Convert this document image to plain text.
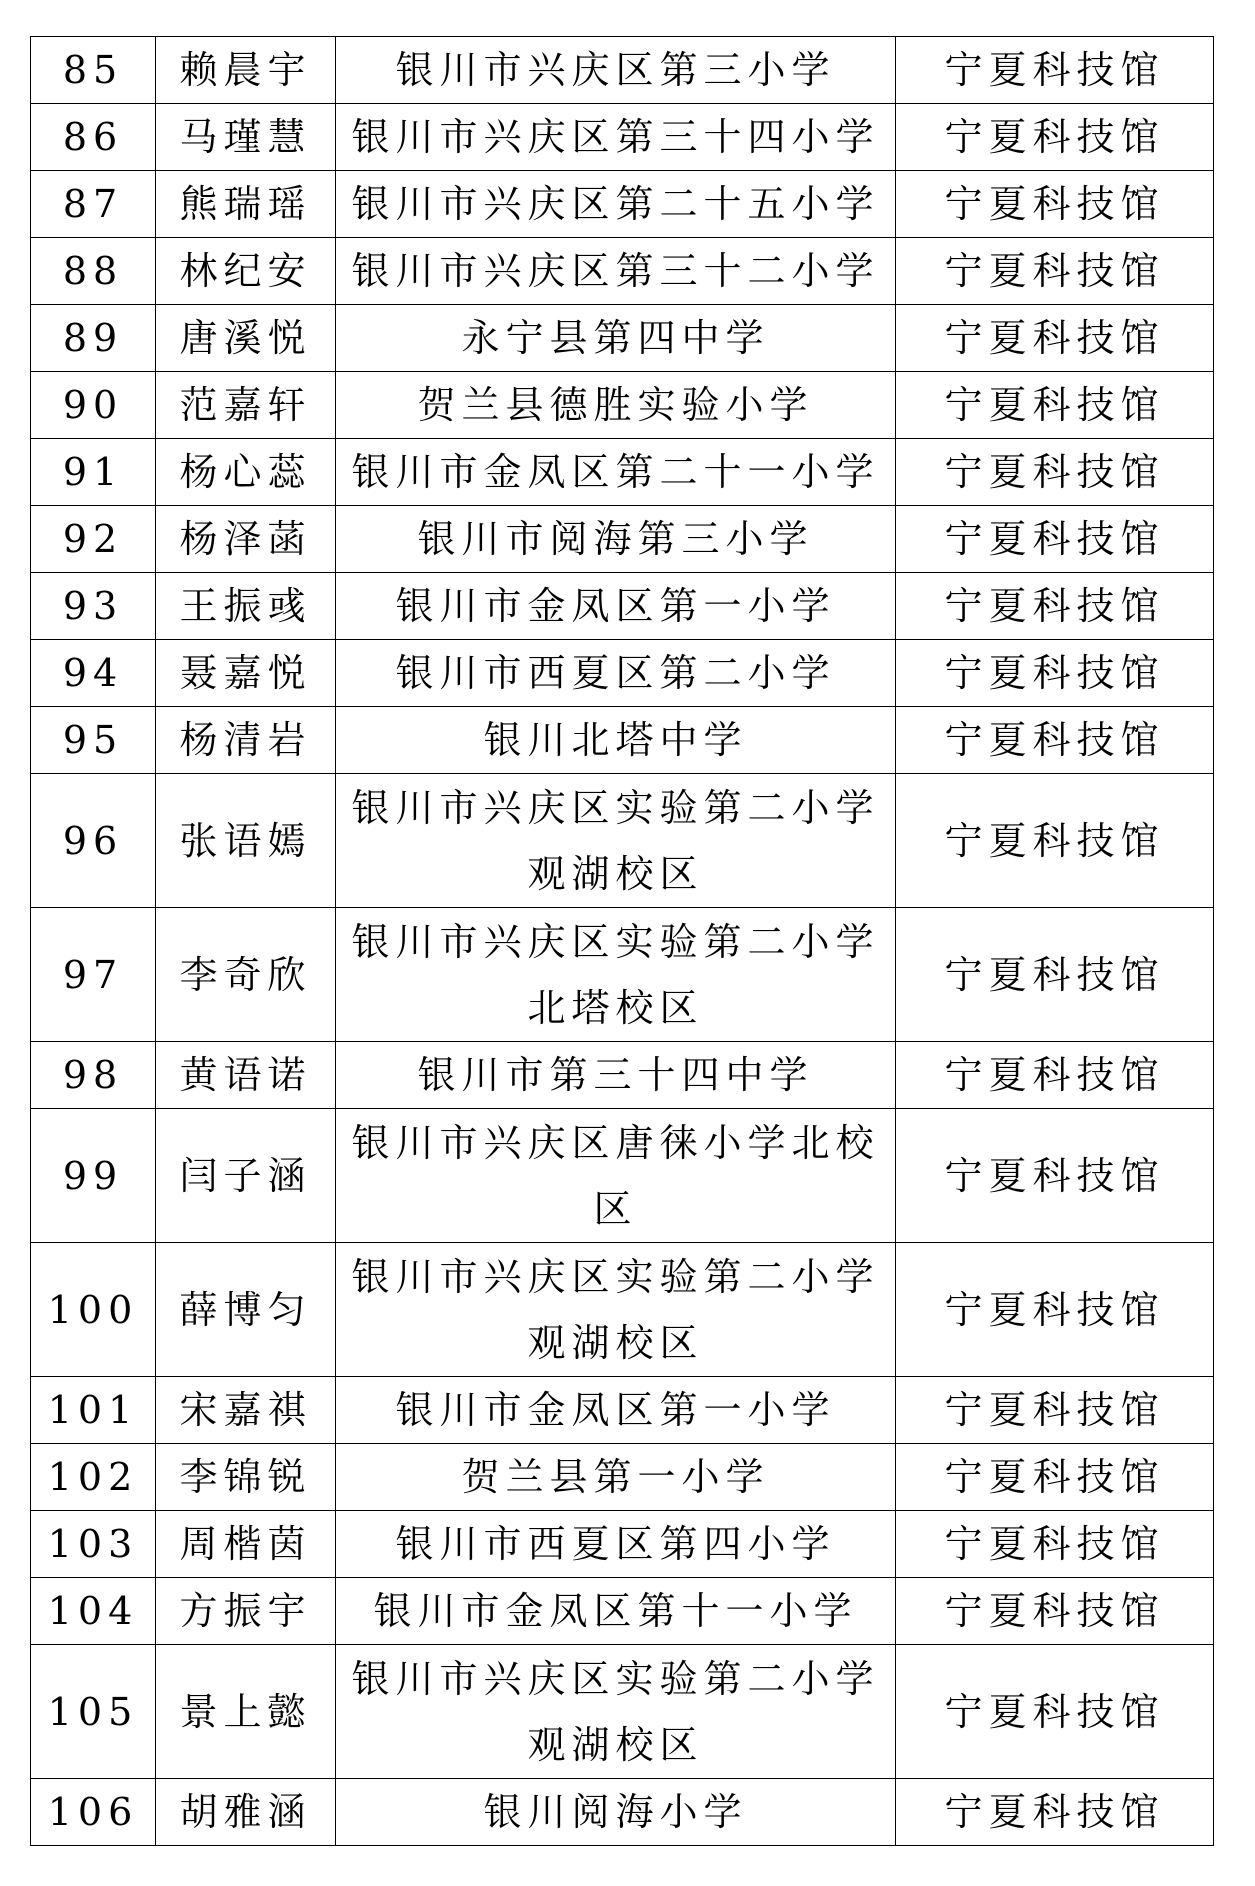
85	赖晨宇	银川市兴庆区第三小学	宁夏科技馆
86	马瑾慧	银川市兴庆区第三十四小学	宁夏科技馆
87	熊瑞瑶	银川市兴庆区第二十五小学	宁夏科技馆
88	林纪安	银川市兴庆区第三十二小学	宁夏科技馆
89	唐溪悦	永宁县第四中学	宁夏科技馆
90	范嘉轩	贺兰县德胜实验小学	宁夏科技馆
91	杨心蕊	银川市金凤区第二十一小学	宁夏科技馆
92	杨泽菡	银川市阅海第三小学	宁夏科技馆
93	王振彧	银川市金凤区第一小学	宁夏科技馆
94	聂嘉悦	银川市西夏区第二小学	宁夏科技馆
95	杨清岩	银川北塔中学	宁夏科技馆
96	张语嫣	银川市兴庆区实验第二小学观湖校区	宁夏科技馆
97	李奇欣	银川市兴庆区实验第二小学北塔校区	宁夏科技馆
98	黄语诺	银川市第三十四中学	宁夏科技馆
99	闫子涵	银川市兴庆区唐徕小学北校区	宁夏科技馆
100	薛博匀	银川市兴庆区实验第二小学观湖校区	宁夏科技馆
101	宋嘉祺	银川市金凤区第一小学	宁夏科技馆
102	李锦锐	贺兰县第一小学	宁夏科技馆
103	周楷茵	银川市西夏区第四小学	宁夏科技馆
104	方振宇	银川市金凤区第十一小学	宁夏科技馆
105	景上懿	银川市兴庆区实验第二小学观湖校区	宁夏科技馆
106	胡雅涵	银川阅海小学	宁夏科技馆
